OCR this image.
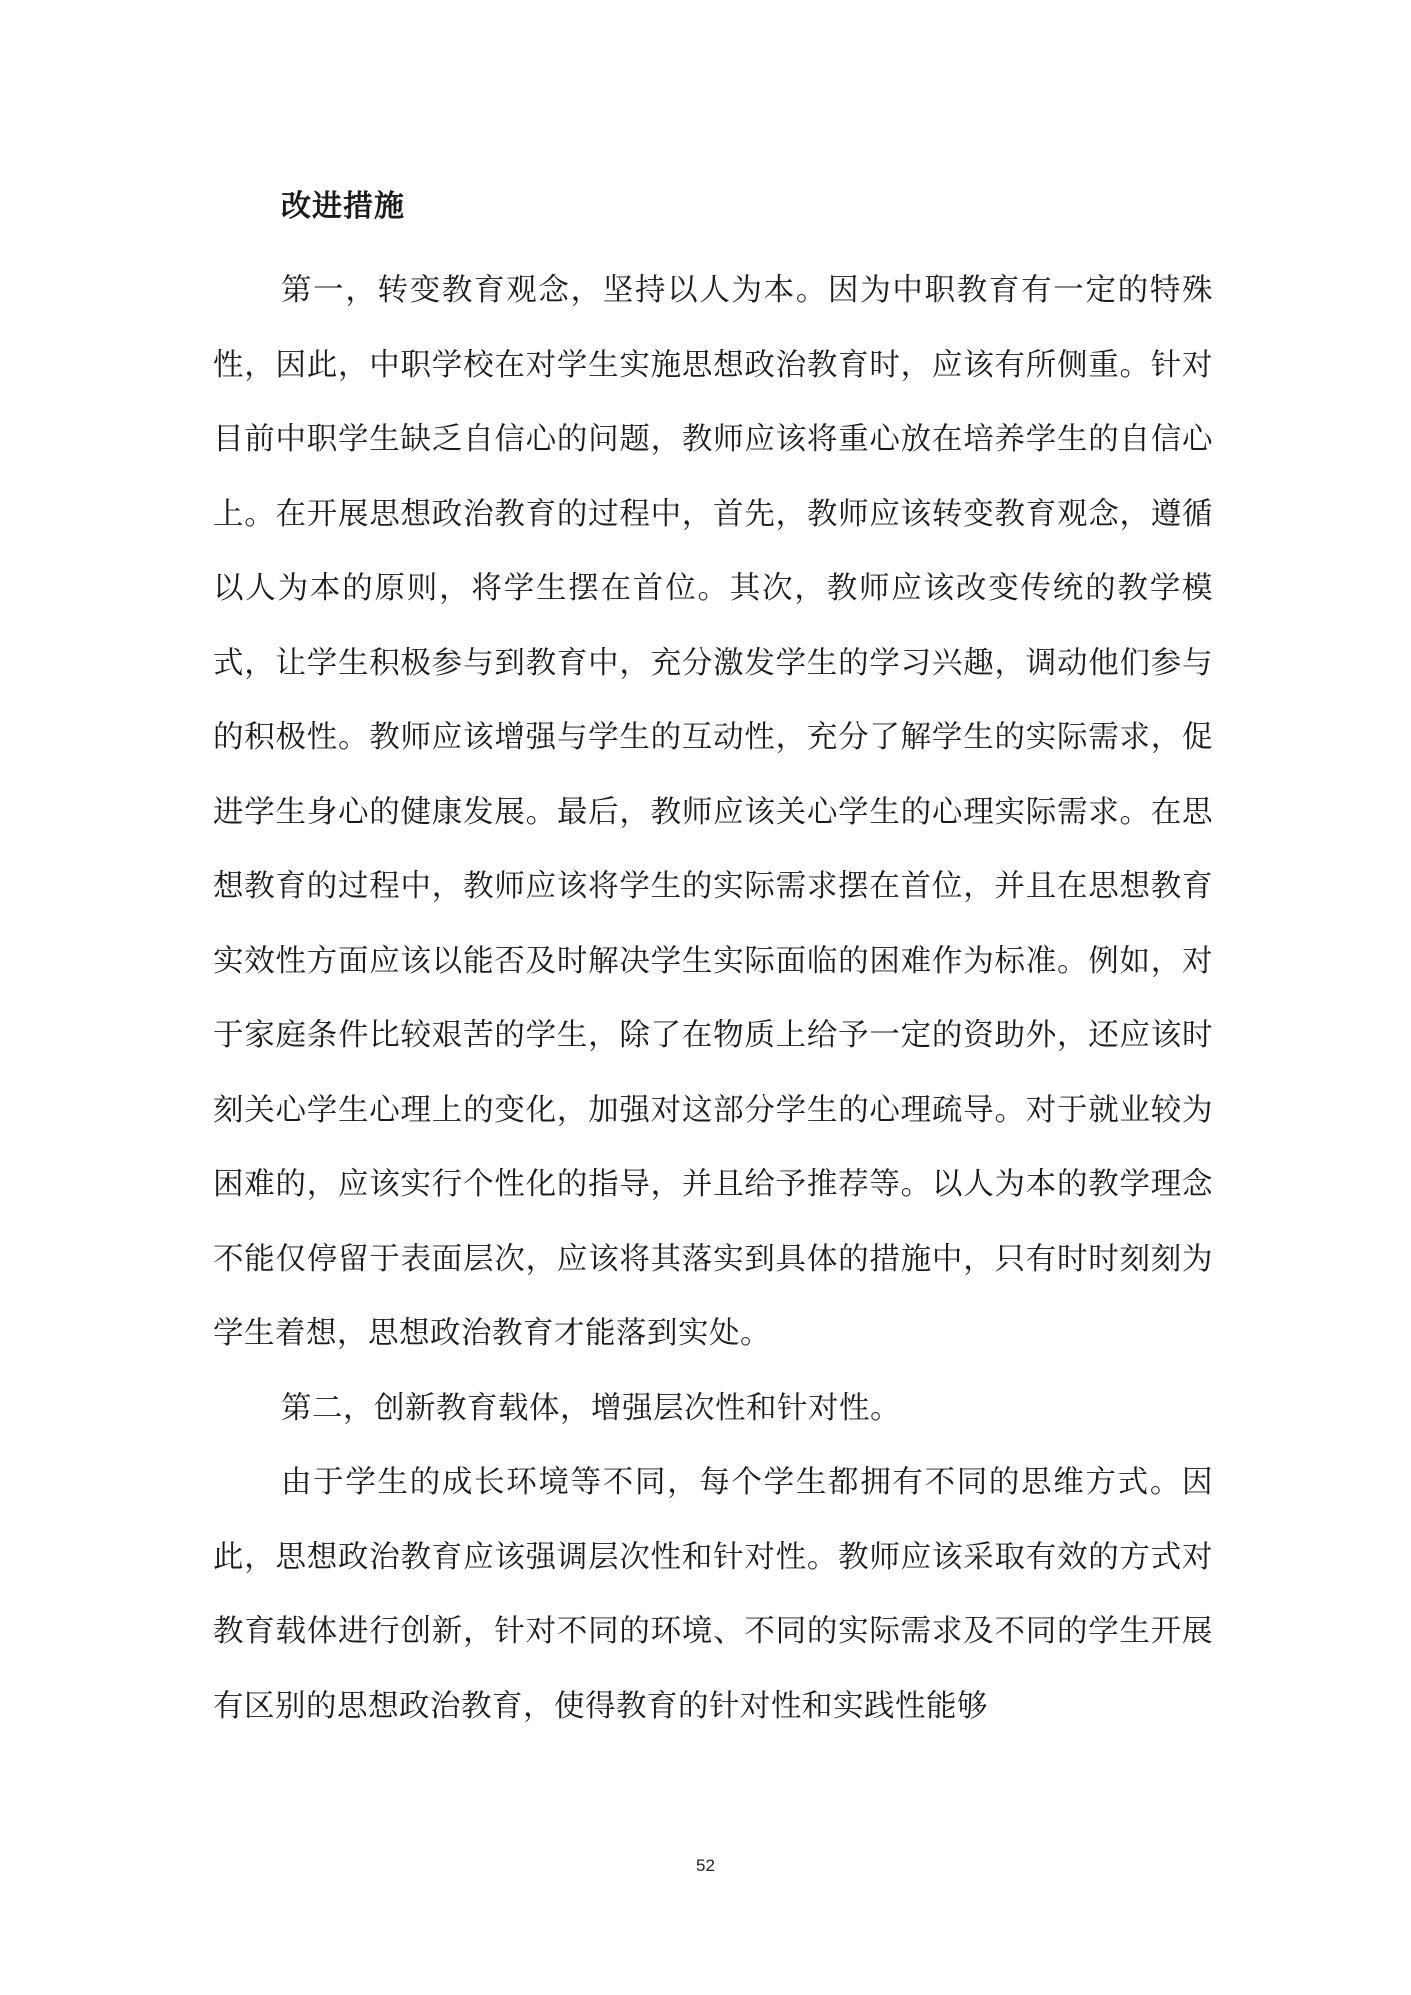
改进措施

第一，转变教育观念，坚持以人为本。因为中职教育有一定的特殊性，因此，中职学校在对学生实施思想政治教育时，应该有所侧重。针对目前中职学生缺乏自信心的问题，教师应该将重心放在培养学生的自信心上。在开展思想政治教育的过程中，首先，教师应该转变教育观念，遵循以人为本的原则，将学生摆在首位。其次，教师应该改变传统的教学模式，让学生积极参与到教育中，充分激发学生的学习兴趣，调动他们参与的积极性。教师应该增强与学生的互动性，充分了解学生的实际需求，促进学生身心的健康发展。最后，教师应该关心学生的心理实际需求。在思想教育的过程中，教师应该将学生的实际需求摆在首位，并且在思想教育实效性方面应该以能否及时解决学生实际面临的困难作为标准。例如，对于家庭条件比较艰苦的学生，除了在物质上给予一定的资助外，还应该时刻关心学生心理上的变化，加强对这部分学生的心理疏导。对于就业较为困难的，应该实行个性化的指导，并且给予推荐等。以人为本的教学理念不能仅停留于表面层次，应该将其落实到具体的措施中，只有时时刻刻为学生着想，思想政治教育才能落到实处。

第二，创新教育载体，增强层次性和针对性。

由于学生的成长环境等不同，每个学生都拥有不同的思维方式。因此，思想政治教育应该强调层次性和针对性。教师应该采取有效的方式对教育载体进行创新，针对不同的环境、不同的实际需求及不同的学生开展有区别的思想政治教育，使得教育的针对性和实践性能够

52
